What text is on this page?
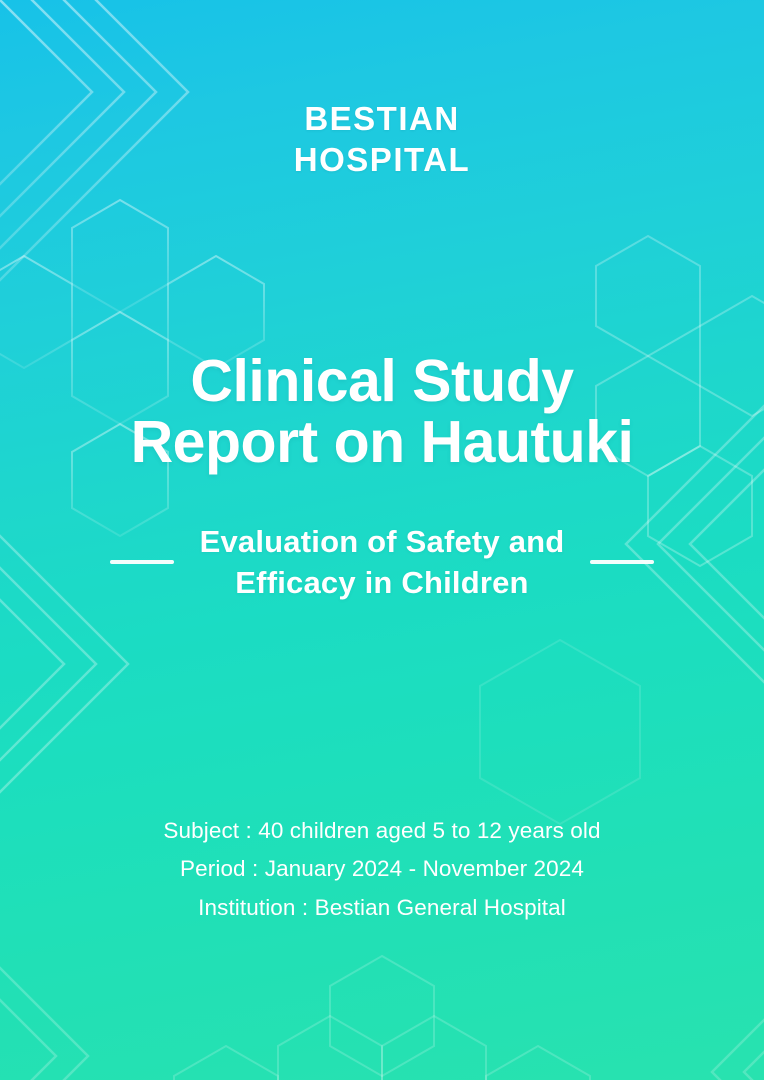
BESTIAN
HOSPITAL
Clinical Study
Report on Hautuki
Evaluation of Safety and
Efficacy in Children
Subject : 40 children aged 5 to 12 years old
Period : January 2024 - November 2024
Institution : Bestian General Hospital
